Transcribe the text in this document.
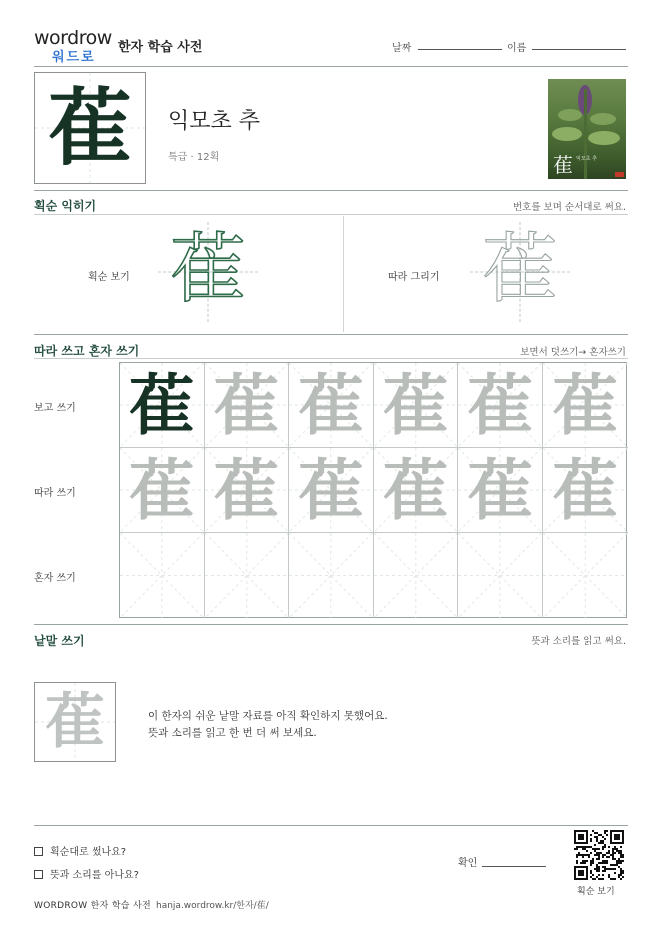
wordrow
워드로
한자 학습 사전	날짜	이름
萑	익모초 추
특급 · 12획	萑 익모초 추
획순 익히기	번호를 보며 순서대로 써요.
획순 보기 萑	따라 그리기 萑
따라 쓰고 혼자 쓰기	보면서 덧쓰기→ 혼자쓰기
보고 쓰기
따라 쓰기
혼자 쓰기
萑 萑 萑 萑 萑 萑
萑 萑 萑 萑 萑 萑
낱말 쓰기	뜻과 소리를 읽고 써요.
萑	이 한자의 쉬운 낱말 자료를 아직 확인하지 못했어요.
뜻과 소리를 읽고 한 번 더 써 보세요.
획순대로 썼나요?
뜻과 소리를 아나요?
확인
획순 보기
WORDROW 한자 학습 사전 hanja.wordrow.kr/한자/萑/
